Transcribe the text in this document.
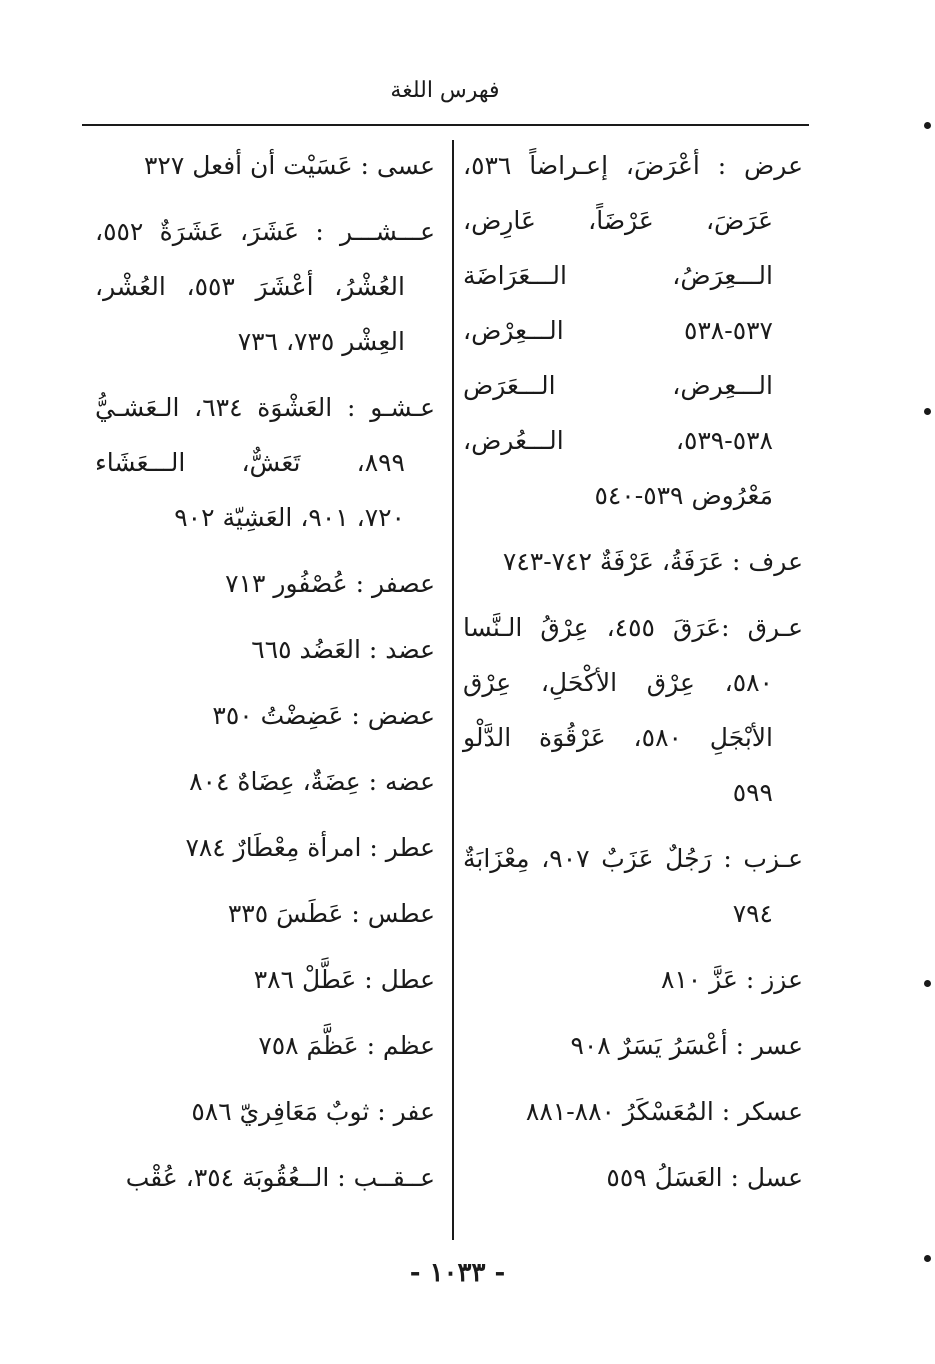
فهرس اللغة
عرض : أعْرَضَ، إعـراضاً ٥٣٦،
عَرَضَ، عَرْضَاً، عَارِض،
الـــعِرَضُ، الـــعَرَاضَة
٥٣٧-٥٣٨ الـــعِرْض،
الـــعِرض، الـــعَرَض
٥٣٨-٥٣٩، الـــعُرض،
مَعْرُوض ٥٣٩-٥٤٠
عرف : عَرَفَةُ، عَرْفَةٌ ٧٤٢-٧٤٣
عـرق :عَرَقَ ٤٥٥، عِرْقُ الـنَّسا
٥٨٠، عِرْق الأكْحَلِ، عِرْق
الأبْجَلِ ٥٨٠، عَرْقُوَة الدَّلْو
٥٩٩
عـزب : رَجُلٌ عَزَبٌ ٩٠٧، مِعْزَابَةٌ
٧٩٤
عزز : عَزَّ ٨١٠
عسر : أعْسَرُ يَسَرٌ ٩٠٨
عسكر : المُعَسْكَرُ ٨٨٠-٨٨١
عسل : العَسَلُ ٥٥٩
عسى : عَسَيْت أن أفعل ٣٢٧
عـــشـــر : عَشَرَ، عَشَرَةٌ ٥٥٢،
العُشْرُ، أعْشَرَ ٥٥٣، العُشْر،
العِشْر ٧٣٥، ٧٣٦
عـشـو : العَشْوَة ٦٣٤، الـعَشـيُّ
٨٩٩، تَعَشٌّ، الـــعَشَاء
٧٢٠، ٩٠١، العَشِيّة ٩٠٢
عصفر : عُصْفُور ٧١٣
عضد : العَضُد ٦٦٥
عضض : عَضِضْتُ ٣٥٠
عضه : عِضَةٌ، عِضَاهٌ ٨٠٤
عطر : امرأة مِعْطَارٌ ٧٨٤
عطس : عَطَسَ ٣٣٥
عطل : عَطَّلْ ٣٨٦
عظم : عَظَّمَ ٧٥٨
عفر : ثوبٌ مَعَافِريّ ٥٨٦
عــقــب : الــعُقُوبَة ٣٥٤، عُقْب
- ١٠٣٣ -
